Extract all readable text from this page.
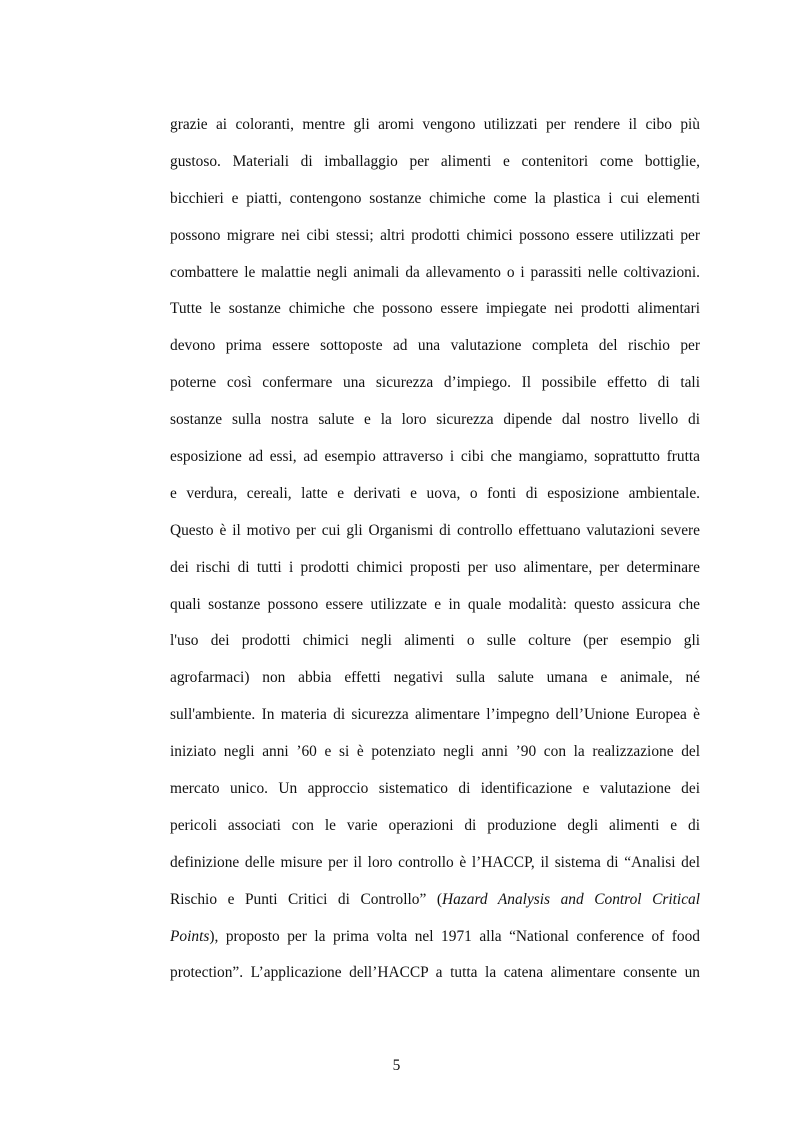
grazie ai coloranti, mentre gli aromi vengono utilizzati per rendere il cibo più
gustoso. Materiali di imballaggio per alimenti e contenitori come bottiglie,
bicchieri e piatti, contengono sostanze chimiche come la plastica i cui elementi
possono migrare nei cibi stessi; altri prodotti chimici possono essere utilizzati per
combattere le malattie negli animali da allevamento o i parassiti nelle coltivazioni.
Tutte le sostanze chimiche che possono essere impiegate nei prodotti alimentari
devono prima essere sottoposte ad una valutazione completa del rischio per
poterne così confermare una sicurezza d’impiego. Il possibile effetto di tali
sostanze sulla nostra salute e la loro sicurezza dipende dal nostro livello di
esposizione ad essi, ad esempio attraverso i cibi che mangiamo, soprattutto frutta
e verdura, cereali, latte e derivati e uova, o fonti di esposizione ambientale.
Questo è il motivo per cui gli Organismi di controllo effettuano valutazioni severe
dei rischi di tutti i prodotti chimici proposti per uso alimentare, per determinare
quali sostanze possono essere utilizzate e in quale modalità: questo assicura che
l'uso dei prodotti chimici negli alimenti o sulle colture (per esempio gli
agrofarmaci) non abbia effetti negativi sulla salute umana e animale, né
sull'ambiente. In materia di sicurezza alimentare l’impegno dell’Unione Europea è
iniziato negli anni ’60 e si è potenziato negli anni ’90 con la realizzazione del
mercato unico. Un approccio sistematico di identificazione e valutazione dei
pericoli associati con le varie operazioni di produzione degli alimenti e di
definizione delle misure per il loro controllo è l’HACCP, il sistema di “Analisi del
Rischio e Punti Critici di Controllo” (Hazard Analysis and Control Critical
Points), proposto per la prima volta nel 1971 alla “National conference of food
protection”. L’applicazione dell’HACCP a tutta la catena alimentare consente un
5
